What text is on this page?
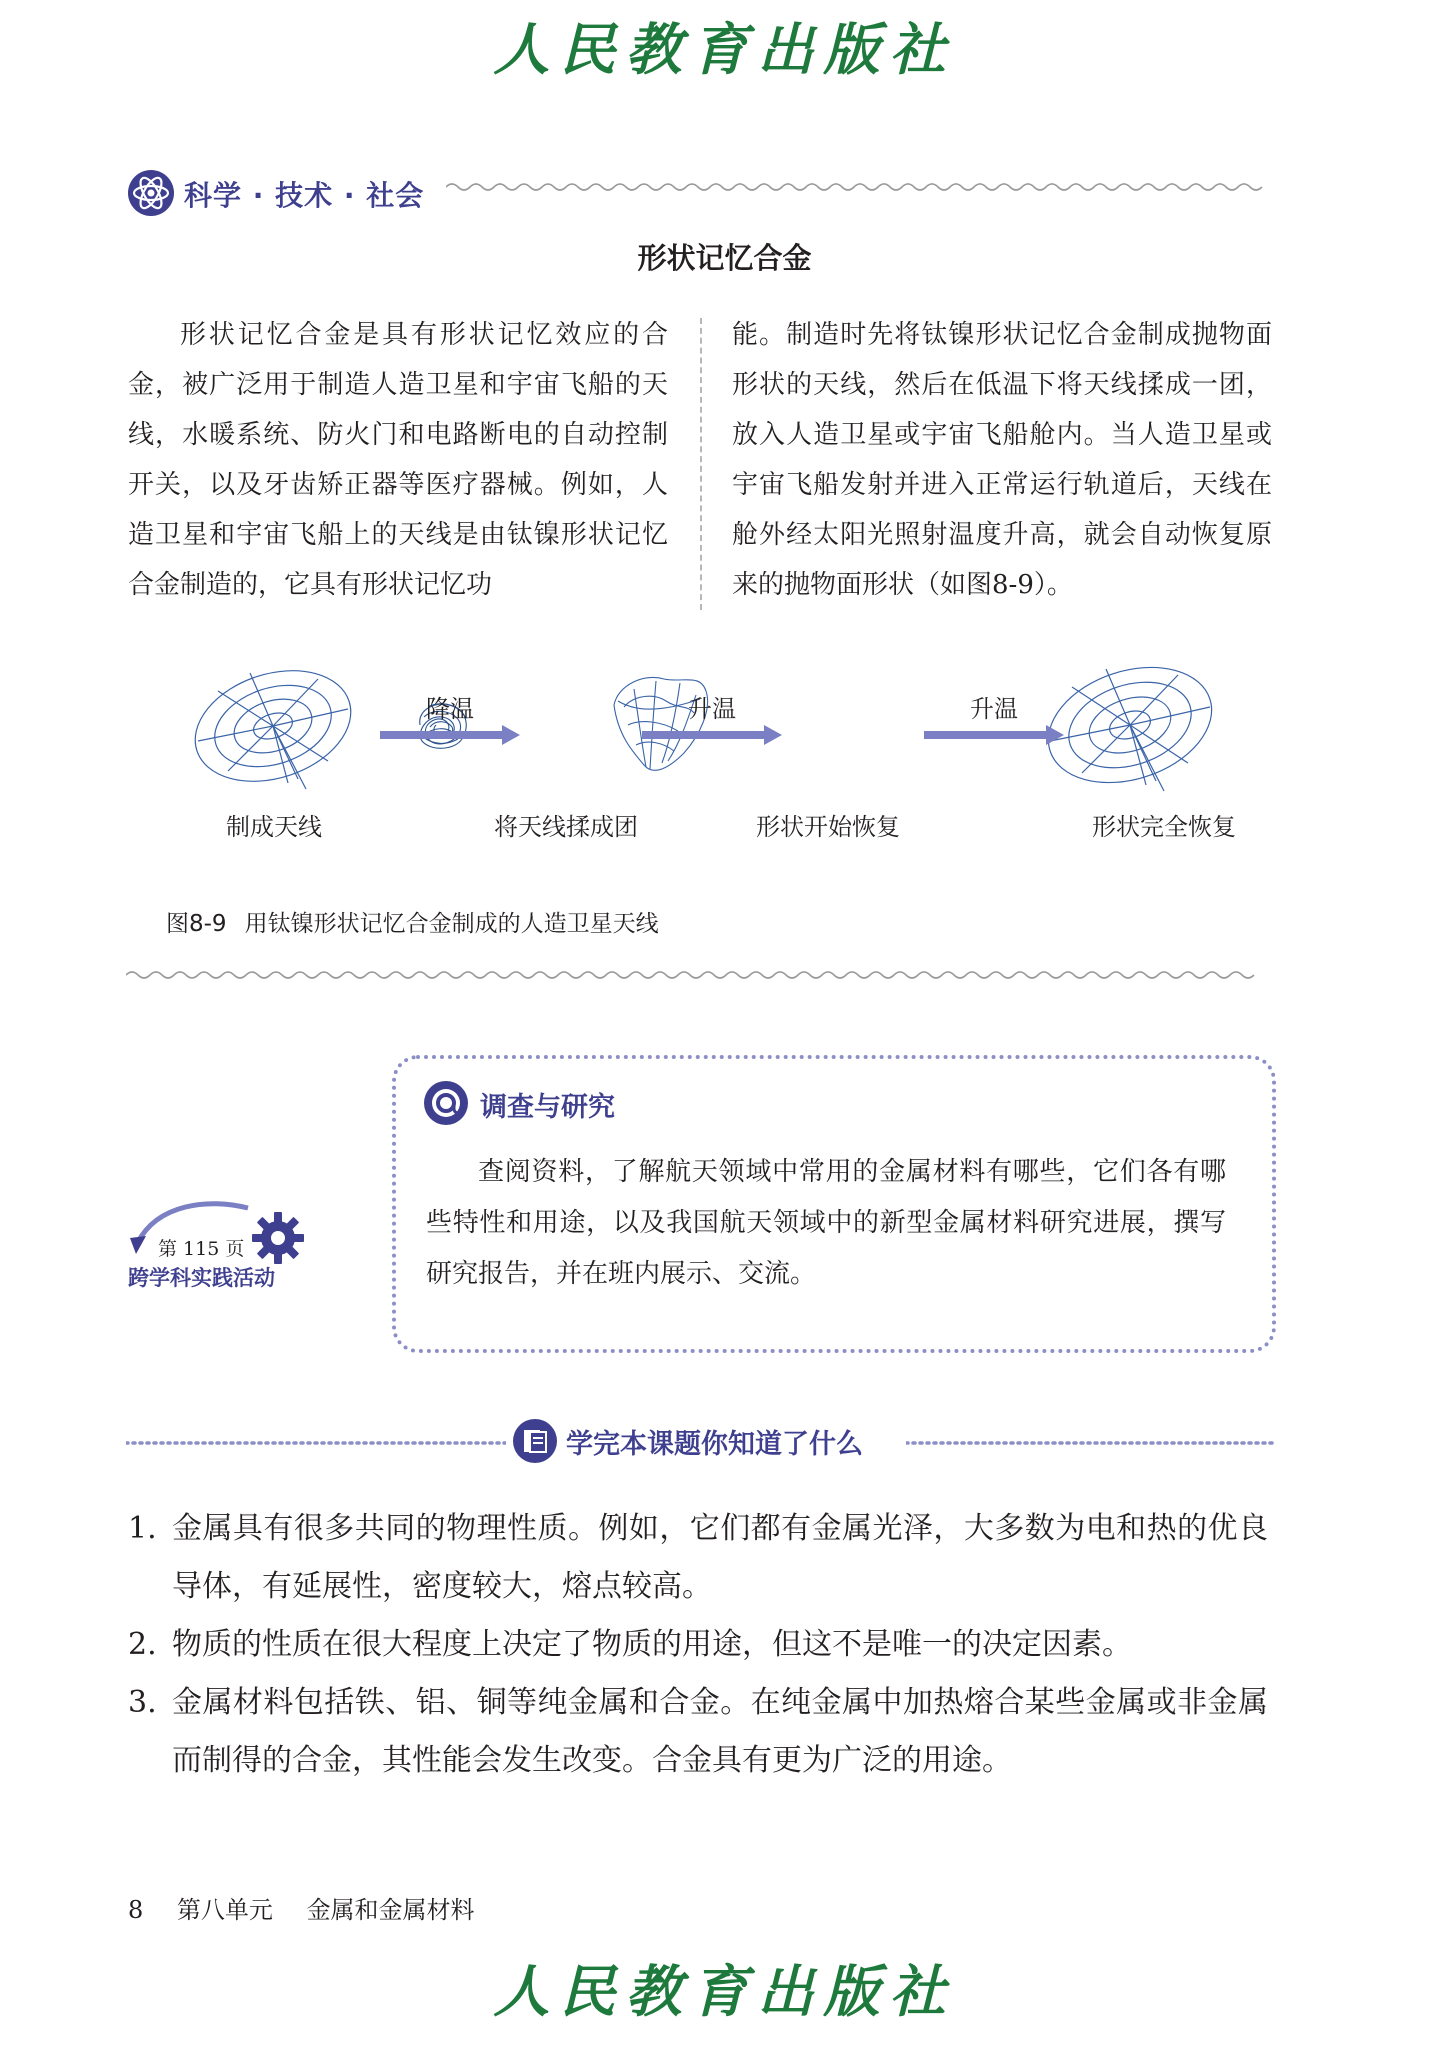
人民教育出版社
科学 · 技术 · 社会
形状记忆合金
形状记忆合金是具有形状记忆效应的合金，被广泛用于制造人造卫星和宇宙飞船的天线，水暖系统、防火门和电路断电的自动控制开关，以及牙齿矫正器等医疗器械。例如，人造卫星和宇宙飞船上的天线是由钛镍形状记忆合金制造的，它具有形状记忆功
能。制造时先将钛镍形状记忆合金制成抛物面形状的天线，然后在低温下将天线揉成一团，放入人造卫星或宇宙飞船舱内。当人造卫星或宇宙飞船发射并进入正常运行轨道后，天线在舱外经太阳光照射温度升高，就会自动恢复原来的抛物面形状（如图8-9）。
降温	升温	升温
制成天线	将天线揉成团	形状开始恢复	形状完全恢复
图8-9 用钛镍形状记忆合金制成的人造卫星天线
第 115 页
跨学科实践活动
调查与研究
查阅资料，了解航天领域中常用的金属材料有哪些，它们各有哪些特性和用途，以及我国航天领域中的新型金属材料研究进展，撰写研究报告，并在班内展示、交流。
学完本课题你知道了什么
1. 金属具有很多共同的物理性质。例如，它们都有金属光泽，大多数为电和热的优良导体，有延展性，密度较大，熔点较高。
2. 物质的性质在很大程度上决定了物质的用途，但这不是唯一的决定因素。
3. 金属材料包括铁、铝、铜等纯金属和合金。在纯金属中加热熔合某些金属或非金属而制得的合金，其性能会发生改变。合金具有更为广泛的用途。
8 第八单元 金属和金属材料
人民教育出版社
